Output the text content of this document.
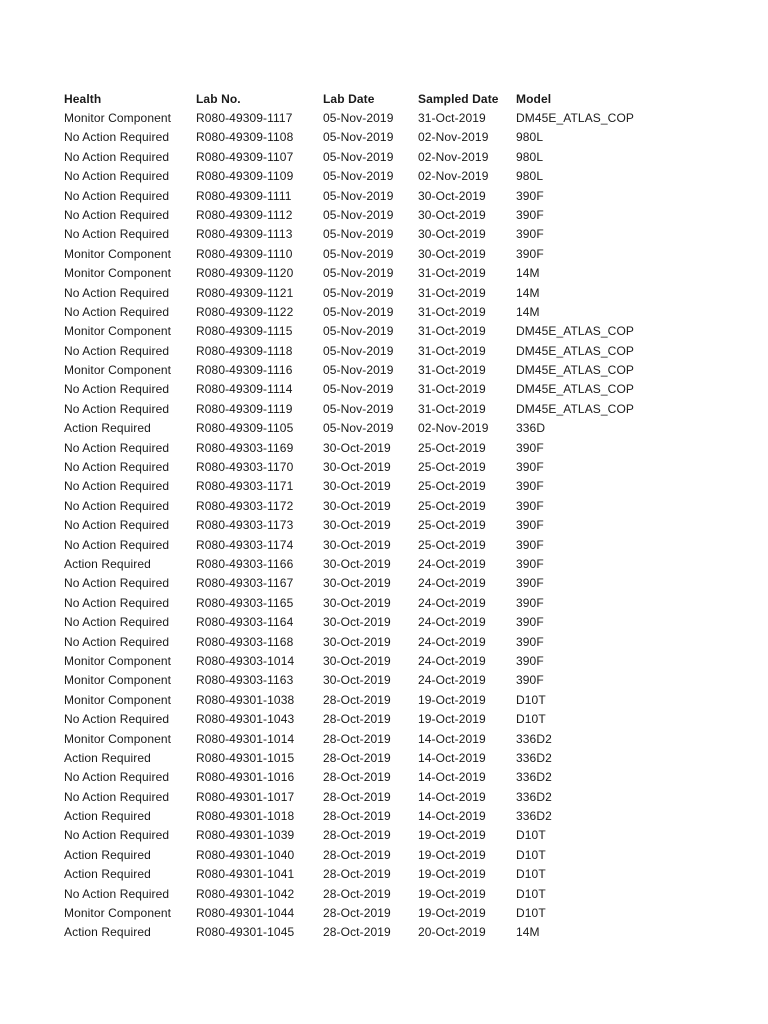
Health	Lab No.	Lab Date	Sampled Date	Model
Monitor Component	R080-49309-1117	05-Nov-2019	31-Oct-2019	DM45E_ATLAS_COP
No Action Required	R080-49309-1108	05-Nov-2019	02-Nov-2019	980L
No Action Required	R080-49309-1107	05-Nov-2019	02-Nov-2019	980L
No Action Required	R080-49309-1109	05-Nov-2019	02-Nov-2019	980L
No Action Required	R080-49309-1111	05-Nov-2019	30-Oct-2019	390F
No Action Required	R080-49309-1112	05-Nov-2019	30-Oct-2019	390F
No Action Required	R080-49309-1113	05-Nov-2019	30-Oct-2019	390F
Monitor Component	R080-49309-1110	05-Nov-2019	30-Oct-2019	390F
Monitor Component	R080-49309-1120	05-Nov-2019	31-Oct-2019	14M
No Action Required	R080-49309-1121	05-Nov-2019	31-Oct-2019	14M
No Action Required	R080-49309-1122	05-Nov-2019	31-Oct-2019	14M
Monitor Component	R080-49309-1115	05-Nov-2019	31-Oct-2019	DM45E_ATLAS_COP
No Action Required	R080-49309-1118	05-Nov-2019	31-Oct-2019	DM45E_ATLAS_COP
Monitor Component	R080-49309-1116	05-Nov-2019	31-Oct-2019	DM45E_ATLAS_COP
No Action Required	R080-49309-1114	05-Nov-2019	31-Oct-2019	DM45E_ATLAS_COP
No Action Required	R080-49309-1119	05-Nov-2019	31-Oct-2019	DM45E_ATLAS_COP
Action Required	R080-49309-1105	05-Nov-2019	02-Nov-2019	336D
No Action Required	R080-49303-1169	30-Oct-2019	25-Oct-2019	390F
No Action Required	R080-49303-1170	30-Oct-2019	25-Oct-2019	390F
No Action Required	R080-49303-1171	30-Oct-2019	25-Oct-2019	390F
No Action Required	R080-49303-1172	30-Oct-2019	25-Oct-2019	390F
No Action Required	R080-49303-1173	30-Oct-2019	25-Oct-2019	390F
No Action Required	R080-49303-1174	30-Oct-2019	25-Oct-2019	390F
Action Required	R080-49303-1166	30-Oct-2019	24-Oct-2019	390F
No Action Required	R080-49303-1167	30-Oct-2019	24-Oct-2019	390F
No Action Required	R080-49303-1165	30-Oct-2019	24-Oct-2019	390F
No Action Required	R080-49303-1164	30-Oct-2019	24-Oct-2019	390F
No Action Required	R080-49303-1168	30-Oct-2019	24-Oct-2019	390F
Monitor Component	R080-49303-1014	30-Oct-2019	24-Oct-2019	390F
Monitor Component	R080-49303-1163	30-Oct-2019	24-Oct-2019	390F
Monitor Component	R080-49301-1038	28-Oct-2019	19-Oct-2019	D10T
No Action Required	R080-49301-1043	28-Oct-2019	19-Oct-2019	D10T
Monitor Component	R080-49301-1014	28-Oct-2019	14-Oct-2019	336D2
Action Required	R080-49301-1015	28-Oct-2019	14-Oct-2019	336D2
No Action Required	R080-49301-1016	28-Oct-2019	14-Oct-2019	336D2
No Action Required	R080-49301-1017	28-Oct-2019	14-Oct-2019	336D2
Action Required	R080-49301-1018	28-Oct-2019	14-Oct-2019	336D2
No Action Required	R080-49301-1039	28-Oct-2019	19-Oct-2019	D10T
Action Required	R080-49301-1040	28-Oct-2019	19-Oct-2019	D10T
Action Required	R080-49301-1041	28-Oct-2019	19-Oct-2019	D10T
No Action Required	R080-49301-1042	28-Oct-2019	19-Oct-2019	D10T
Monitor Component	R080-49301-1044	28-Oct-2019	19-Oct-2019	D10T
Action Required	R080-49301-1045	28-Oct-2019	20-Oct-2019	14M
